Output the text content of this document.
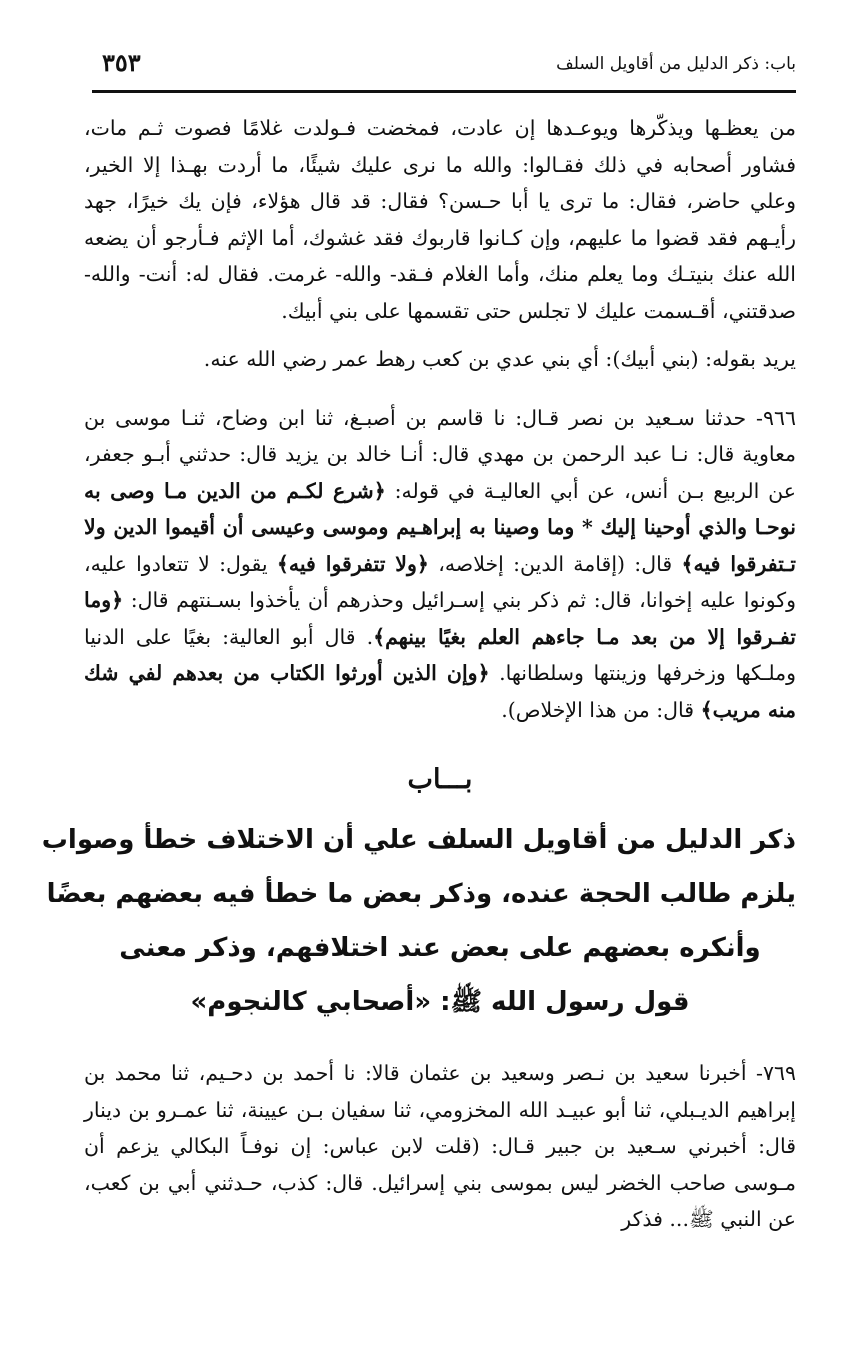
باب: ذكر الدليل من أقاويل السلف
٣٥٣

من يعظـها ويذكّرها ويوعـدها إن عادت، فمخضت فـولدت غلامًا فصوت ثـم مات، فشاور أصحابه في ذلك فقـالوا: والله ما نرى عليك شيئًا، ما أردت بهـذا إلا الخير، وعلي حاضر، فقال: ما ترى يا أبا حـسن؟ فقال: قد قال هؤلاء، فإن يك خيرًا، جهد رأيـهم فقد قضوا ما عليهم، وإن كـانوا قاربوك فقد غشوك، أما الإثم فـأرجو أن يضعه الله عنك بنيتـك وما يعلم منك، وأما الغلام فـقد- والله- غرمت. فقال له: أنت- والله- صدقتني، أقـسمت عليك لا تجلس حتى تقسمها على بني أبيك.

يريد بقوله: (بني أبيك): أي بني عدي بن كعب رهط عمر رضي الله عنه.

٩٦٦- حدثنا سـعيد بن نصر قـال: نا قاسم بن أصبـغ، ثنا ابن وضاح، ثنـا موسى بن معاوية قال: نـا عبد الرحمن بن مهدي قال: أنـا خالد بن يزيد قال: حدثني أبـو جعفر، عن الربيع بـن أنس، عن أبي العاليـة في قوله: ﴿شرع لكـم من الدين مـا وصى به نوحـا والذي أوحينا إليك * وما وصينا به إبراهـيم وموسى وعيسى أن أقيموا الدين ولا تـتفرقوا فيه﴾ قال: (إقامة الدين: إخلاصه، ﴿ولا تتفرقوا فيه﴾ يقول: لا تتعادوا عليه، وكونوا عليه إخوانا، قال: ثم ذكر بني إسـرائيل وحذرهم أن يأخذوا بسـنتهم قال: ﴿وما تفـرقوا إلا من بعد مـا جاءهم العلم بغيًا بينهم﴾. قال أبو العالية: بغيًا على الدنيا وملـكها وزخرفها وزينتها وسلطانها. ﴿وإن الذين أورثوا الكتاب من بعدهم لفي شك منه مريب﴾ قال: من هذا الإخلاص).

بـــاب
ذكر الدليل من أقاويل السلف علي أن الاختلاف خطأ وصواب
يلزم طالب الحجة عنده، وذكر بعض ما خطأ فيه بعضهم بعضًا
وأنكره بعضهم على بعض عند اختلافهم، وذكر معنى
قول رسول الله ﷺ: «أصحابي كالنجوم»

٧٦٩- أخبرنا سعيد بن نـصر وسعيد بن عثمان قالا: نا أحمد بن دحـيم، ثنا محمد بن إبراهيم الديـبلي، ثنا أبو عبيـد الله المخزومي، ثنا سفيان بـن عيينة، ثنا عمـرو بن دينار قال: أخبرني سـعيد بن جبير قـال: (قلت لابن عباس: إن نوفـاً البكالي يزعم أن مـوسى صاحب الخضر ليس بموسى بني إسرائيل. قال: كذب، حـدثني أبي بن كعب، عن النبي ﷺ... فذكر
